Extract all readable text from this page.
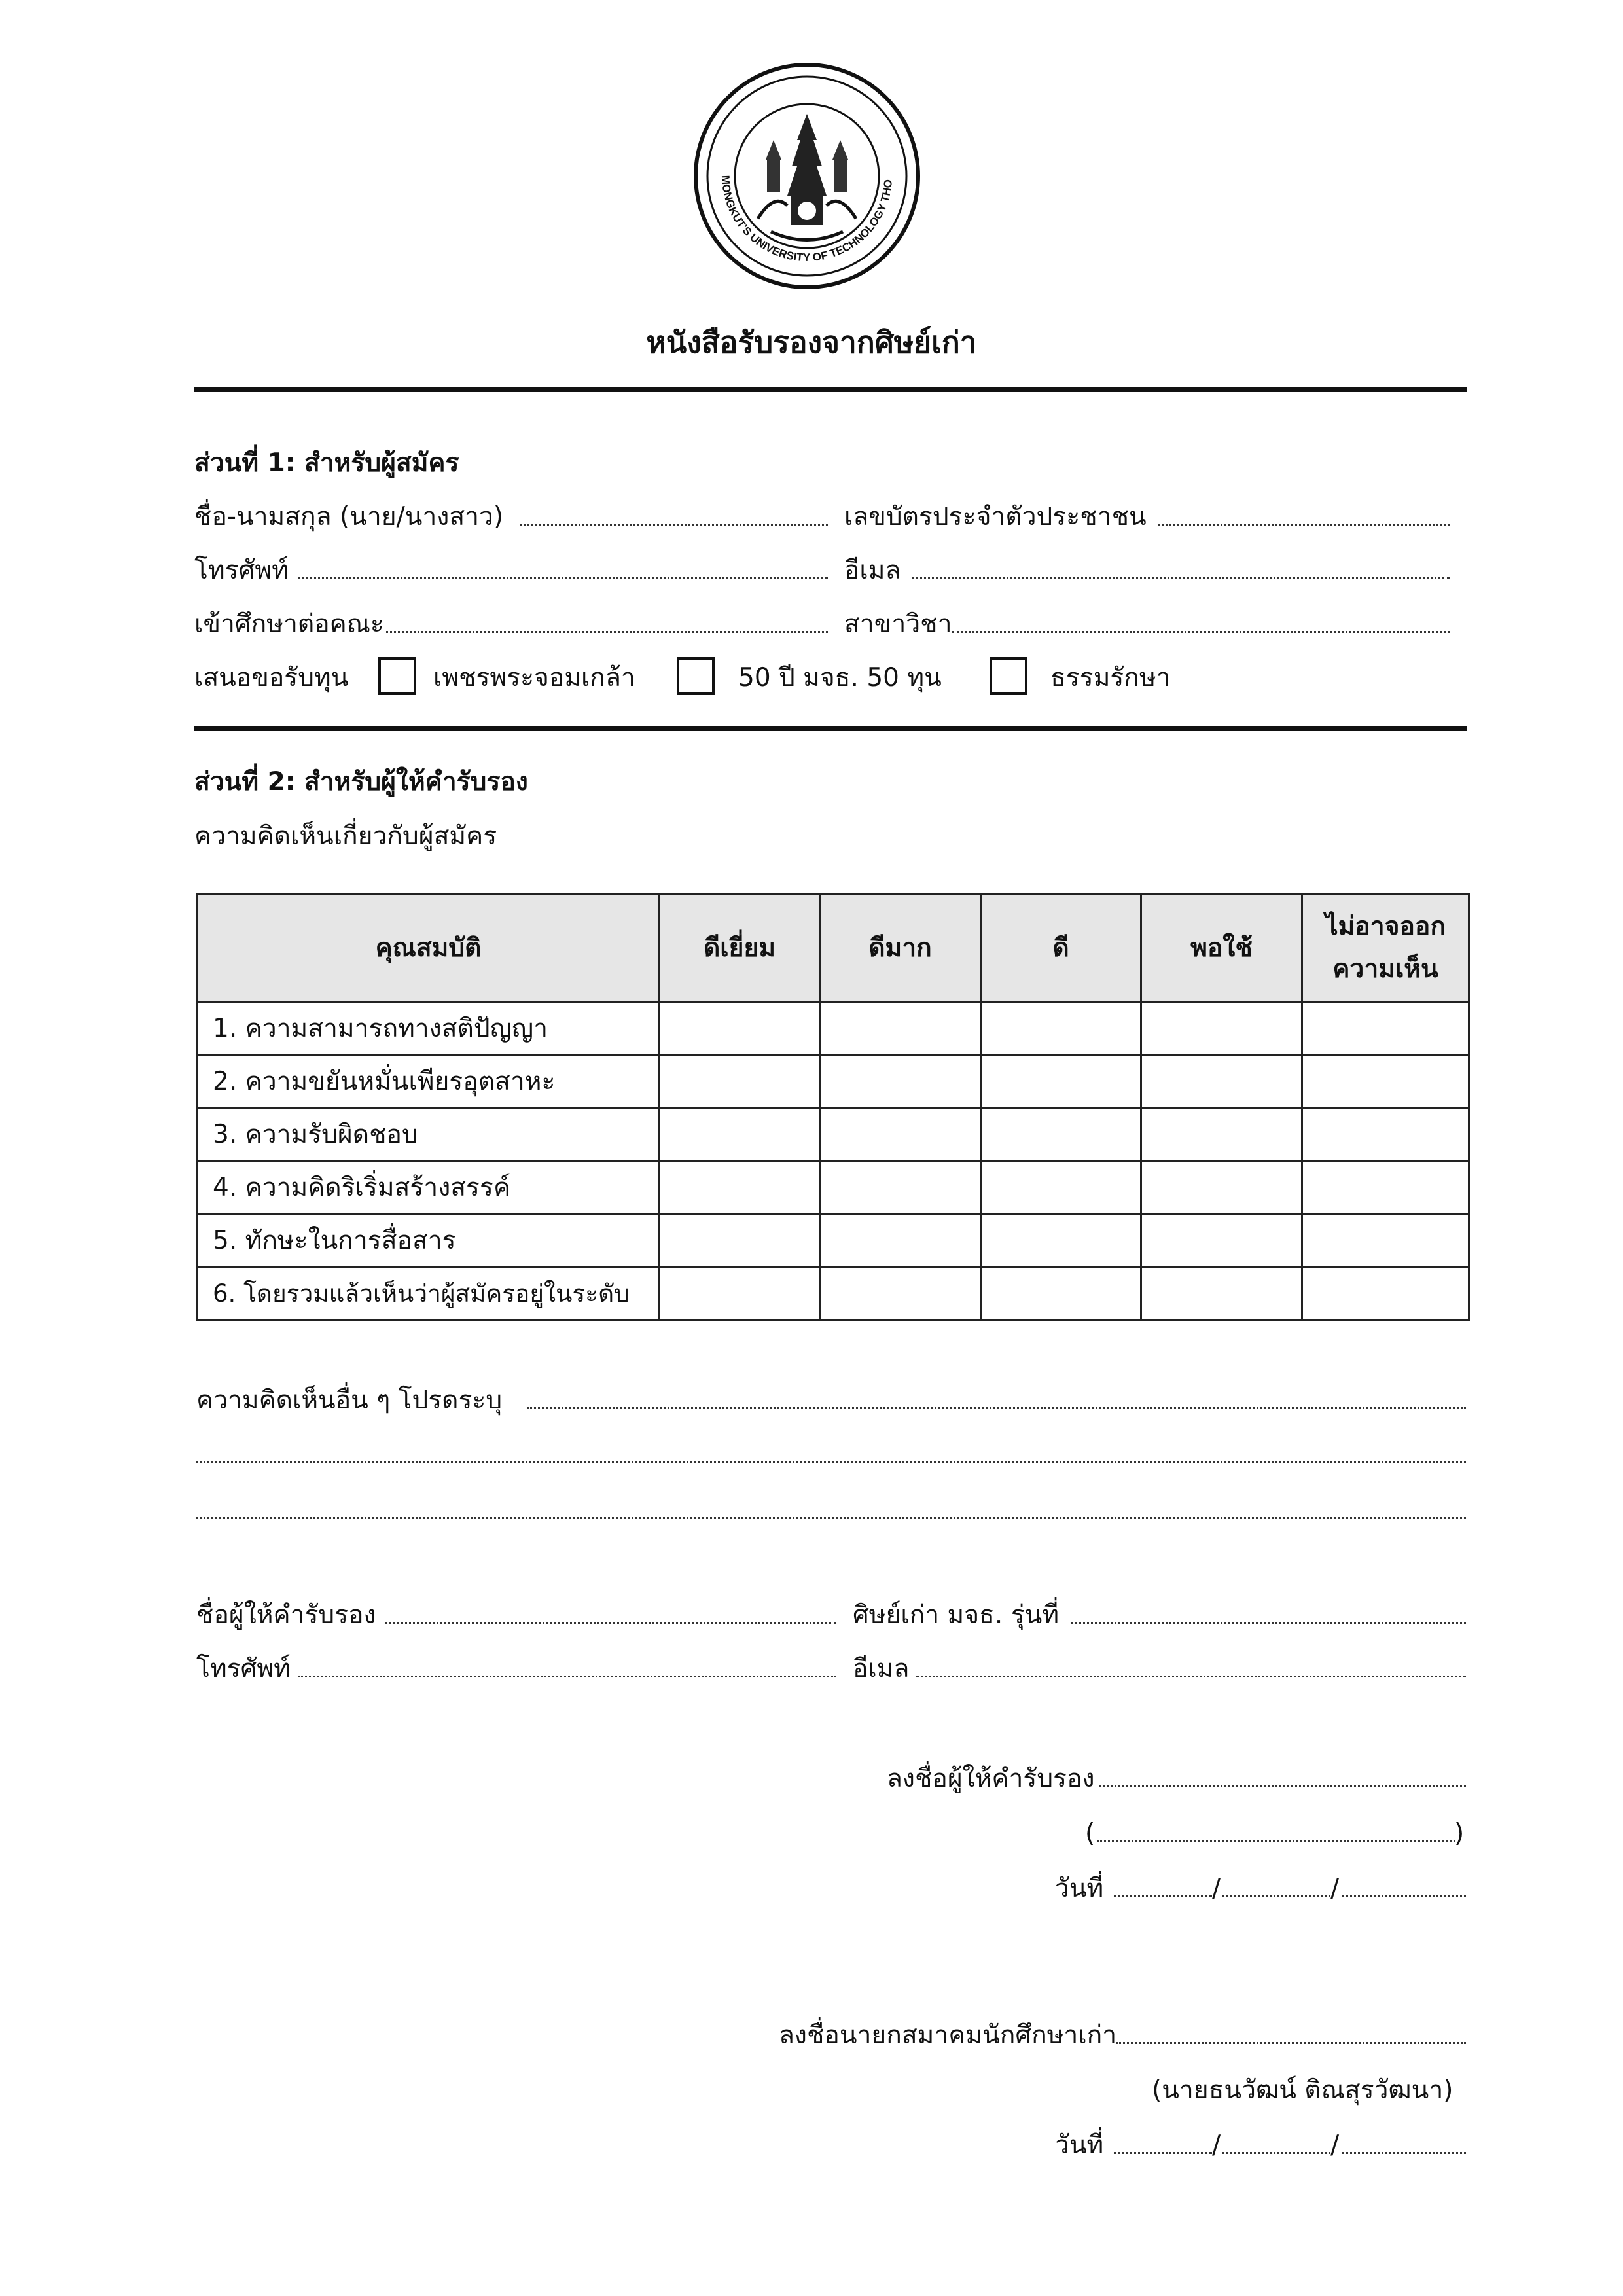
MONGKUT'S UNIVERSITY OF TECHNOLOGY THO
หนังสือรับรองจากศิษย์เก่า
ส่วนที่ 1: สำหรับผู้สมัคร
ชื่อ-นามสกุล (นาย/นางสาว)	เลขบัตรประจำตัวประชาชน
โทรศัพท์	อีเมล
เข้าศึกษาต่อคณะ	สาขาวิชา
เสนอขอรับทุน	เพชรพระจอมเกล้า	50 ปี มจธ. 50 ทุน	ธรรมรักษา
ส่วนที่ 2: สำหรับผู้ให้คำรับรอง
ความคิดเห็นเกี่ยวกับผู้สมัคร
คุณสมบัติ	ดีเยี่ยม	ดีมาก	ดี	พอใช้	ไม่อาจออก
ความเห็น

1. ความสามารถทางสติปัญญา					
2. ความขยันหมั่นเพียรอุตสาหะ					
3. ความรับผิดชอบ					
4. ความคิดริเริ่มสร้างสรรค์					
5. ทักษะในการสื่อสาร					
6. โดยรวมแล้วเห็นว่าผู้สมัครอยู่ในระดับ					
ความคิดเห็นอื่น ๆ โปรดระบุ
ชื่อผู้ให้คำรับรอง	ศิษย์เก่า มจธ. รุ่นที่
โทรศัพท์	อีเมล
ลงชื่อผู้ให้คำรับรอง
(	)
วันที่	/	/
ลงชื่อนายกสมาคมนักศึกษาเก่า
(นายธนวัฒน์ ติณสุรวัฒนา)
วันที่	/	/
